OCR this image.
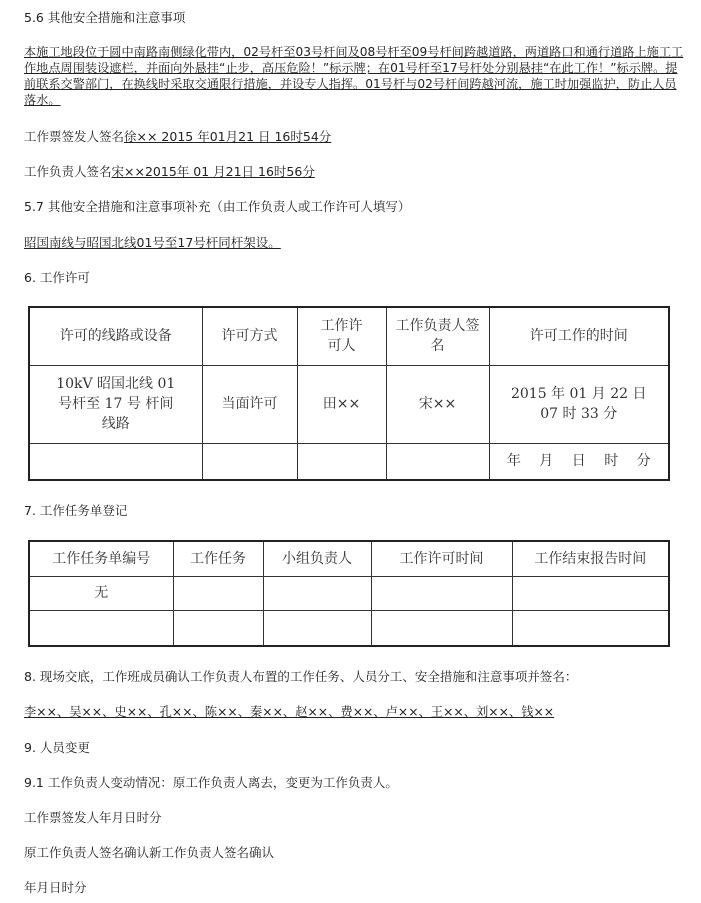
5.6 其他安全措施和注意事项
本施工地段位于圆中南路南侧绿化带内，02号杆至03号杆间及08号杆至09号杆间跨越道路，两道路口和通行道路上施工工作地点周围装设遮栏，并面向外悬挂“止步，高压危险！”标示牌；在01号杆至17号杆处分别悬挂“在此工作！”标示牌。提前联系交警部门，在换线时采取交通限行措施，并设专人指挥。01号杆与02号杆间跨越河流，施工时加强监护，防止人员落水。
工作票签发人签名徐×× 2015 年01月21 日 16时54分
工作负责人签名宋××2015年 01 月21日 16时56分
5.7 其他安全措施和注意事项补充（由工作负责人或工作许可人填写）
昭国南线与昭国北线01号至17号杆同杆架设。
6. 工作许可
许可的线路或设备	许可方式	工作许可人	工作负责人签名	许可工作的时间

10kV 昭国北线 01 号杆至 17 号 杆间线路	当面许可	田××	宋××	2015 年 01 月 22 日 07 时 33 分

				年 月 日 时 分
7. 工作任务单登记
工作任务单编号	工作任务	小组负责人	工作许可时间	工作结束报告时间
无				

8. 现场交底，工作班成员确认工作负责人布置的工作任务、人员分工、安全措施和注意事项并签名：
李××、吴××、史××、孔××、陈××、秦××、赵××、费××、卢××、王××、刘××、钱××
9. 人员变更
9.1 工作负责人变动情况：原工作负责人离去，变更为工作负责人。
工作票签发人年月日时分
原工作负责人签名确认新工作负责人签名确认
年月日时分
